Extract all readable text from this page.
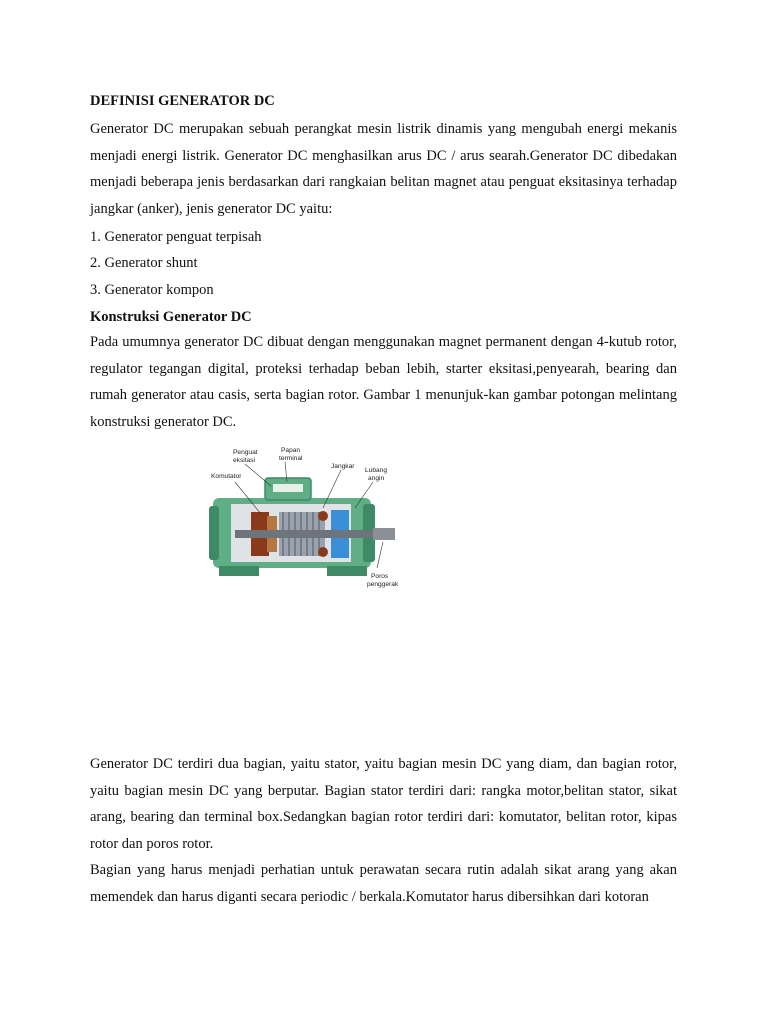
DEFINISI GENERATOR DC
Generator DC merupakan sebuah perangkat mesin listrik dinamis yang mengubah energi mekanis menjadi energi listrik. Generator DC menghasilkan arus DC / arus searah.Generator DC dibedakan menjadi beberapa jenis berdasarkan dari rangkaian belitan magnet atau penguat eksitasinya terhadap jangkar (anker), jenis generator DC yaitu:
1. Generator penguat terpisah
2. Generator shunt
3. Generator kompon
Konstruksi Generator DC
Pada umumnya generator DC dibuat dengan menggunakan magnet permanent dengan 4-kutub rotor, regulator tegangan digital, proteksi terhadap beban lebih, starter eksitasi,penyearah, bearing dan rumah generator atau casis, serta bagian rotor. Gambar 1 menunjuk-kan gambar potongan melintang konstruksi generator DC.
Penguat
eksitasi
Papan
terminal
Komutator
Jangkar
Lubang
angin
Poros
penggerak
Generator DC terdiri dua bagian, yaitu stator, yaitu bagian mesin DC yang diam, dan bagian rotor, yaitu bagian mesin DC yang berputar. Bagian stator terdiri dari: rangka motor,belitan stator, sikat arang, bearing dan terminal box.Sedangkan bagian rotor terdiri dari: komutator, belitan rotor, kipas rotor dan poros rotor.
Bagian yang harus menjadi perhatian untuk perawatan secara rutin adalah sikat arang yang akan memendek dan harus diganti secara periodic / berkala.Komutator harus dibersihkan dari kotoran
